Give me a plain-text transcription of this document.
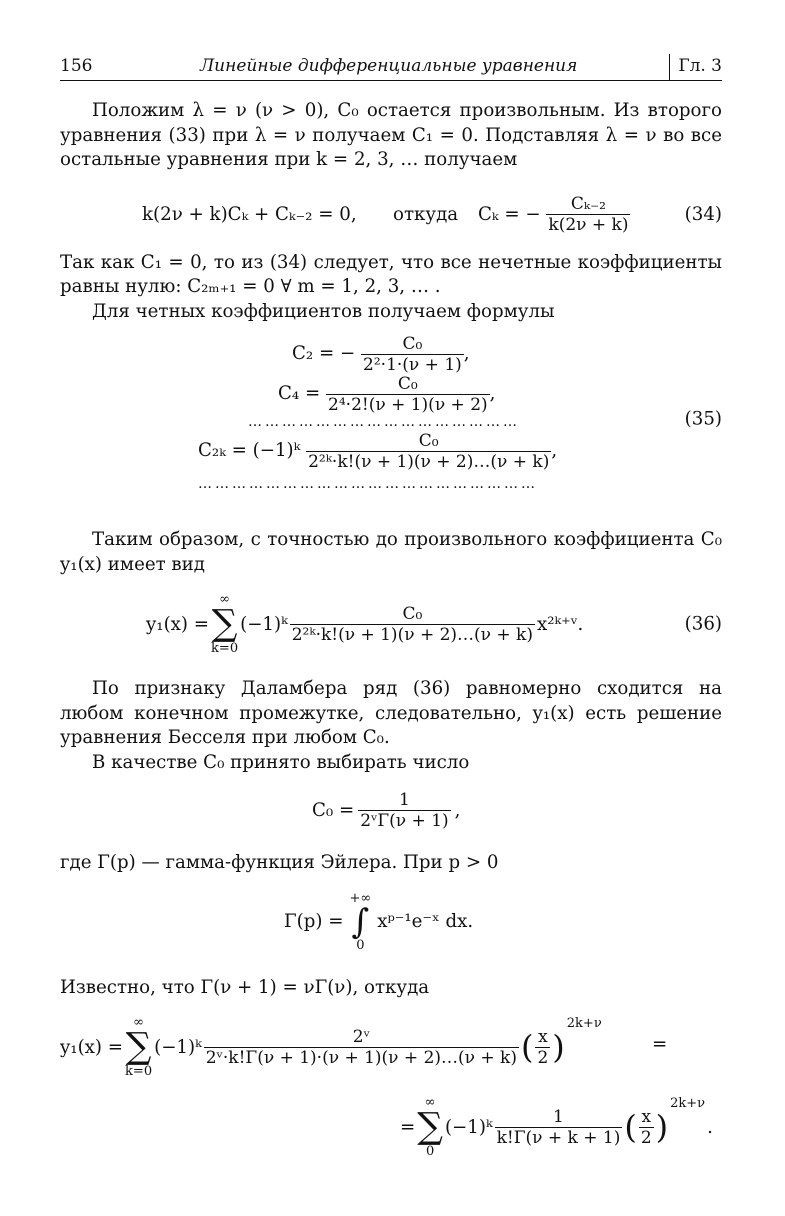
156	Линейные дифференциальные уравнения	Гл. 3

Положим λ = ν (ν > 0), C₀ остается произвольным. Из второго уравнения (33) при λ = ν получаем C₁ = 0. Подставляя λ = ν во все остальные уравнения при k = 2, 3, … получаем

k(2ν + k)Cₖ + Cₖ₋₂ = 0, откуда Cₖ = − $\frac{\text{Cₖ₋₂}}{k(2\nu + k)}$	(34)

Так как C₁ = 0, то из (34) следует, что все нечетные коэффициенты равны нулю: C₂ₘ₊₁ = 0 ∀ m = 1, 2, 3, … .

Для четных коэффициентов получаем формулы

C₂ = − $\frac{\text{C₀}}{\text{2²·1·(ν + 1)}}$ ,
$C_4 = \frac{\text{C₀}}{\text{2⁴·2!(ν + 1)(ν + 2)}}$ ,
…………………………………………
C₂ₖ = (−1)ᵏ $\frac{\text{C₀}}{\text{2²ᵏ·k!(ν + 1)(ν + 2)…(ν + k)}}$ ,
……………………………………………………
(35)

Таким образом, с точностью до произвольного коэффициента C₀ y₁(x) имеет вид

y₁(x) =
∞
∑
k=0
(−1)ᵏ $\frac{\text{C₀}}{\text{2²ᵏ·k!(ν + 1)(ν + 2)…(ν + k)}}$ x²ᵏ⁺ᵛ.	(36)

По признаку Даламбера ряд (36) равномерно сходится на любом конечном промежутке, следовательно, y₁(x) есть решение уравнения Бесселя при любом C₀.

В качестве C₀ принято выбирать число

$C_0 = \frac{1}{\text{2ᵛΓ(ν + 1)}}$ ,

где Γ(p) — гамма-функция Эйлера. При p > 0

Γ(p) =
+∞
∫
0
xᵖ⁻¹e⁻ˣ dx.

Известно, что Γ(ν + 1) = νΓ(ν), откуда

y₁(x) =
∞
∑
k=0
(−1)ᵏ $\frac{\text{2ᵛ}}{\text{2ᵛ·k!Γ(ν + 1)·(ν + 1)(ν + 2)…(ν + k)}}$ ( $\frac{x}{2}$ )
2k+ν
=
=
∞
∑
0
(−1)ᵏ $\frac{1}{k!\Gamma(\nu + k + 1)}$ ( $\frac{x}{2}$ )
2k+ν
.
